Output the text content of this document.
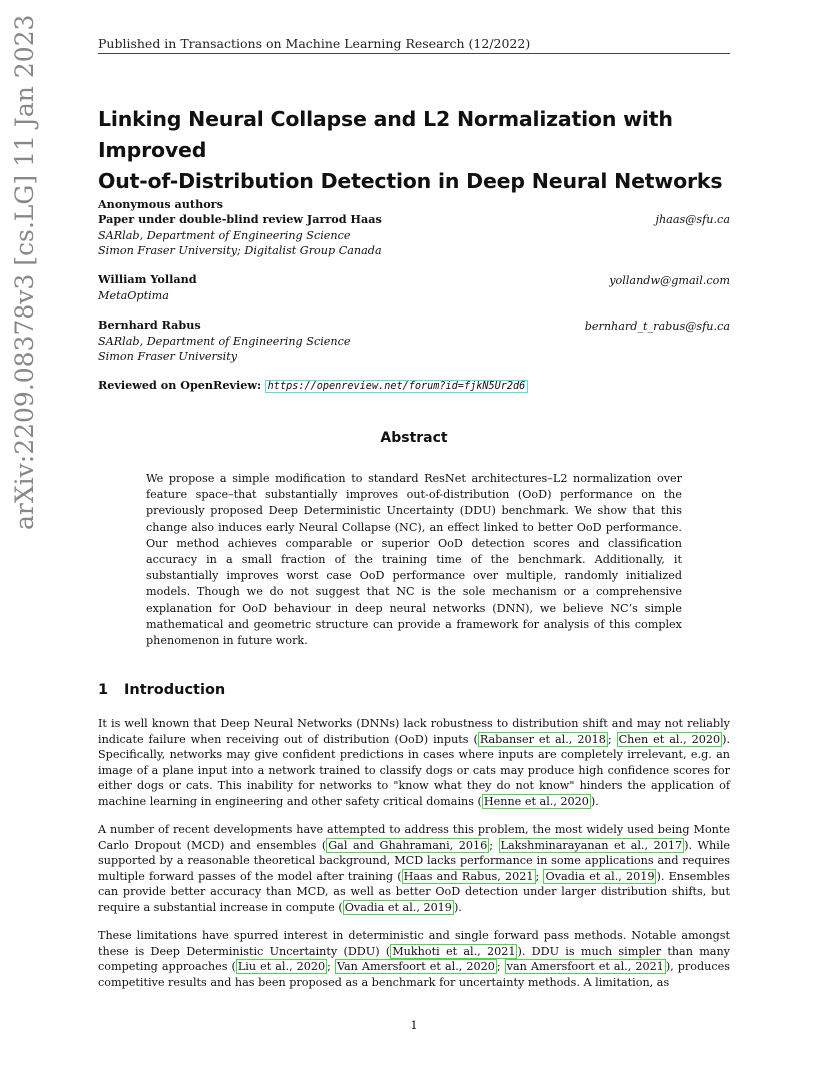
Published in Transactions on Machine Learning Research (12/2022)
arXiv:2209.08378v3 [cs.LG] 11 Jan 2023	Linking Neural Collapse and L2 Normalization with Improved
Out-of-Distribution Detection in Deep Neural Networks
Anonymous authors
Paper under double-blind review Jarrod Haas	jhaas@sfu.ca
SARlab, Department of Engineering Science
Simon Fraser University; Digitalist Group Canada
William Yolland	yollandw@gmail.com
MetaOptima
Bernhard Rabus	bernhard_t_rabus@sfu.ca
SARlab, Department of Engineering Science
Simon Fraser University
Reviewed on OpenReview: https://openreview.net/forum?id=fjkN5Ur2d6
Abstract
We propose a simple modification to standard ResNet architectures–L2 normalization over feature space–that substantially improves out-of-distribution (OoD) performance on the previously proposed Deep Deterministic Uncertainty (DDU) benchmark. We show that this change also induces early Neural Collapse (NC), an effect linked to better OoD performance. Our method achieves comparable or superior OoD detection scores and classification accuracy in a small fraction of the training time of the benchmark. Additionally, it substantially improves worst case OoD performance over multiple, randomly initialized models. Though we do not suggest that NC is the sole mechanism or a comprehensive explanation for OoD behaviour in deep neural networks (DNN), we believe NC’s simple mathematical and geometric structure can provide a framework for analysis of this complex phenomenon in future work.
1 Introduction
It is well known that Deep Neural Networks (DNNs) lack robustness to distribution shift and may not reliably indicate failure when receiving out of distribution (OoD) inputs ( Rabanser et al., 2018 ; Chen et al., 2020 ). Specifically, networks may give confident predictions in cases where inputs are completely irrelevant, e.g. an image of a plane input into a network trained to classify dogs or cats may produce high confidence scores for either dogs or cats. This inability for networks to "know what they do not know" hinders the application of machine learning in engineering and other safety critical domains ( Henne et al., 2020 ).
A number of recent developments have attempted to address this problem, the most widely used being Monte Carlo Dropout (MCD) and ensembles ( Gal and Ghahramani, 2016 ; Lakshminarayanan et al., 2017 ). While supported by a reasonable theoretical background, MCD lacks performance in some applications and requires multiple forward passes of the model after training ( Haas and Rabus, 2021 ; Ovadia et al., 2019 ). Ensembles can provide better accuracy than MCD, as well as better OoD detection under larger distribution shifts, but require a substantial increase in compute ( Ovadia et al., 2019 ).
These limitations have spurred interest in deterministic and single forward pass methods. Notable amongst these is Deep Deterministic Uncertainty (DDU) ( Mukhoti et al., 2021 ). DDU is much simpler than many competing approaches ( Liu et al., 2020 ; Van Amersfoort et al., 2020 ; van Amersfoort et al., 2021 ), produces competitive results and has been proposed as a benchmark for uncertainty methods. A limitation, as
1
